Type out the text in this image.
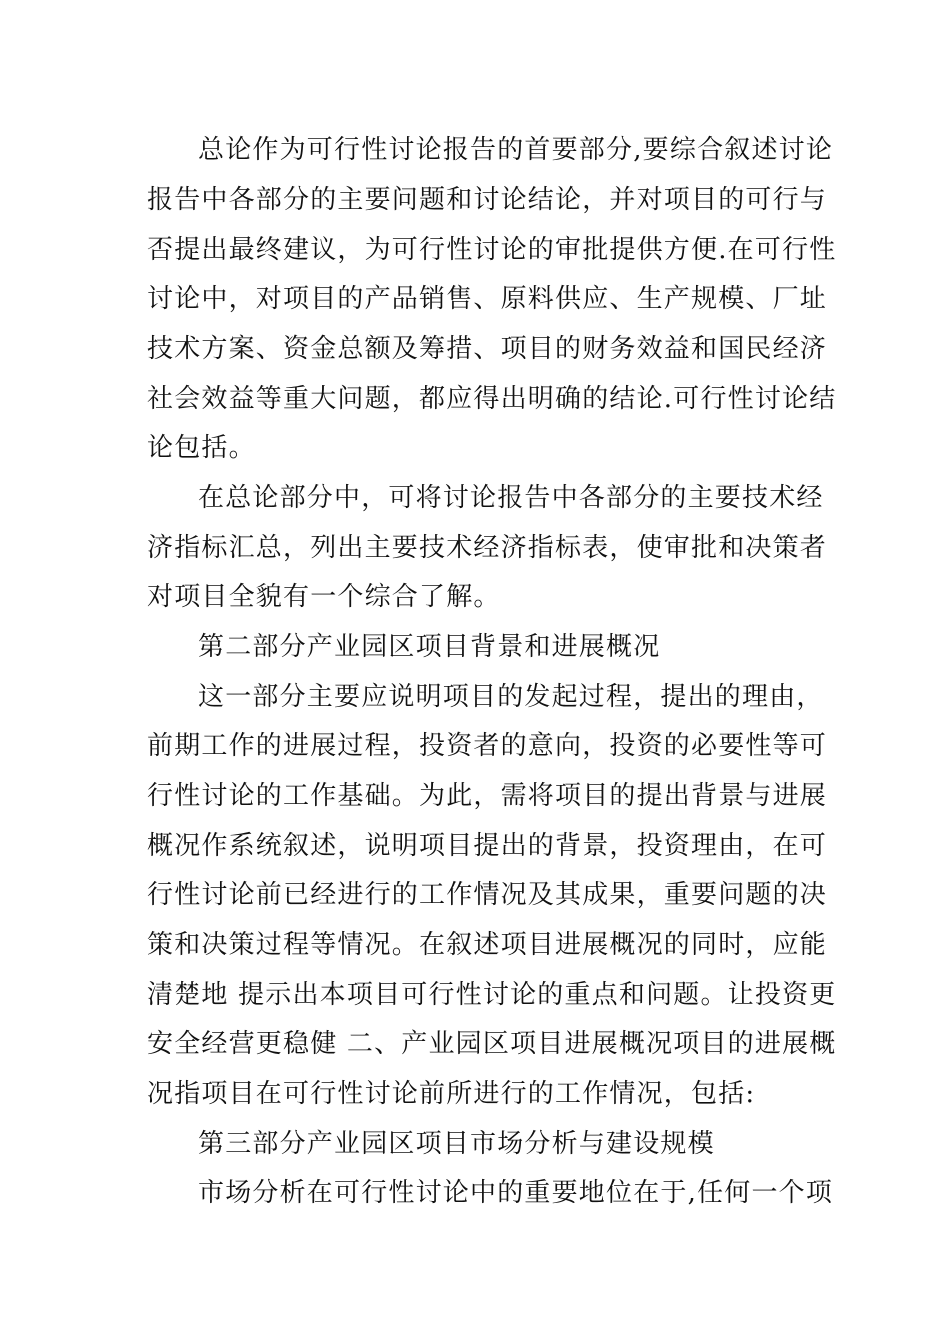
总论作为可行性讨论报告的首要部分,要综合叙述讨论
报告中各部分的主要问题和讨论结论，并对项目的可行与
否提出最终建议，为可行性讨论的审批提供方便.在可行性
讨论中，对项目的产品销售、原料供应、生产规模、厂址
技术方案、资金总额及筹措、项目的财务效益和国民经济
社会效益等重大问题，都应得出明确的结论.可行性讨论结
论包括。
在总论部分中，可将讨论报告中各部分的主要技术经
济指标汇总，列出主要技术经济指标表，使审批和决策者
对项目全貌有一个综合了解。
第二部分产业园区项目背景和进展概况
这一部分主要应说明项目的发起过程，提出的理由，
前期工作的进展过程，投资者的意向，投资的必要性等可
行性讨论的工作基础。为此，需将项目的提出背景与进展
概况作系统叙述，说明项目提出的背景，投资理由，在可
行性讨论前已经进行的工作情况及其成果，重要问题的决
策和决策过程等情况。在叙述项目进展概况的同时，应能
清楚地 提示出本项目可行性讨论的重点和问题。让投资更
安全经营更稳健 二、产业园区项目进展概况项目的进展概
况指项目在可行性讨论前所进行的工作情况，包括:
第三部分产业园区项目市场分析与建设规模
市场分析在可行性讨论中的重要地位在于,任何一个项
